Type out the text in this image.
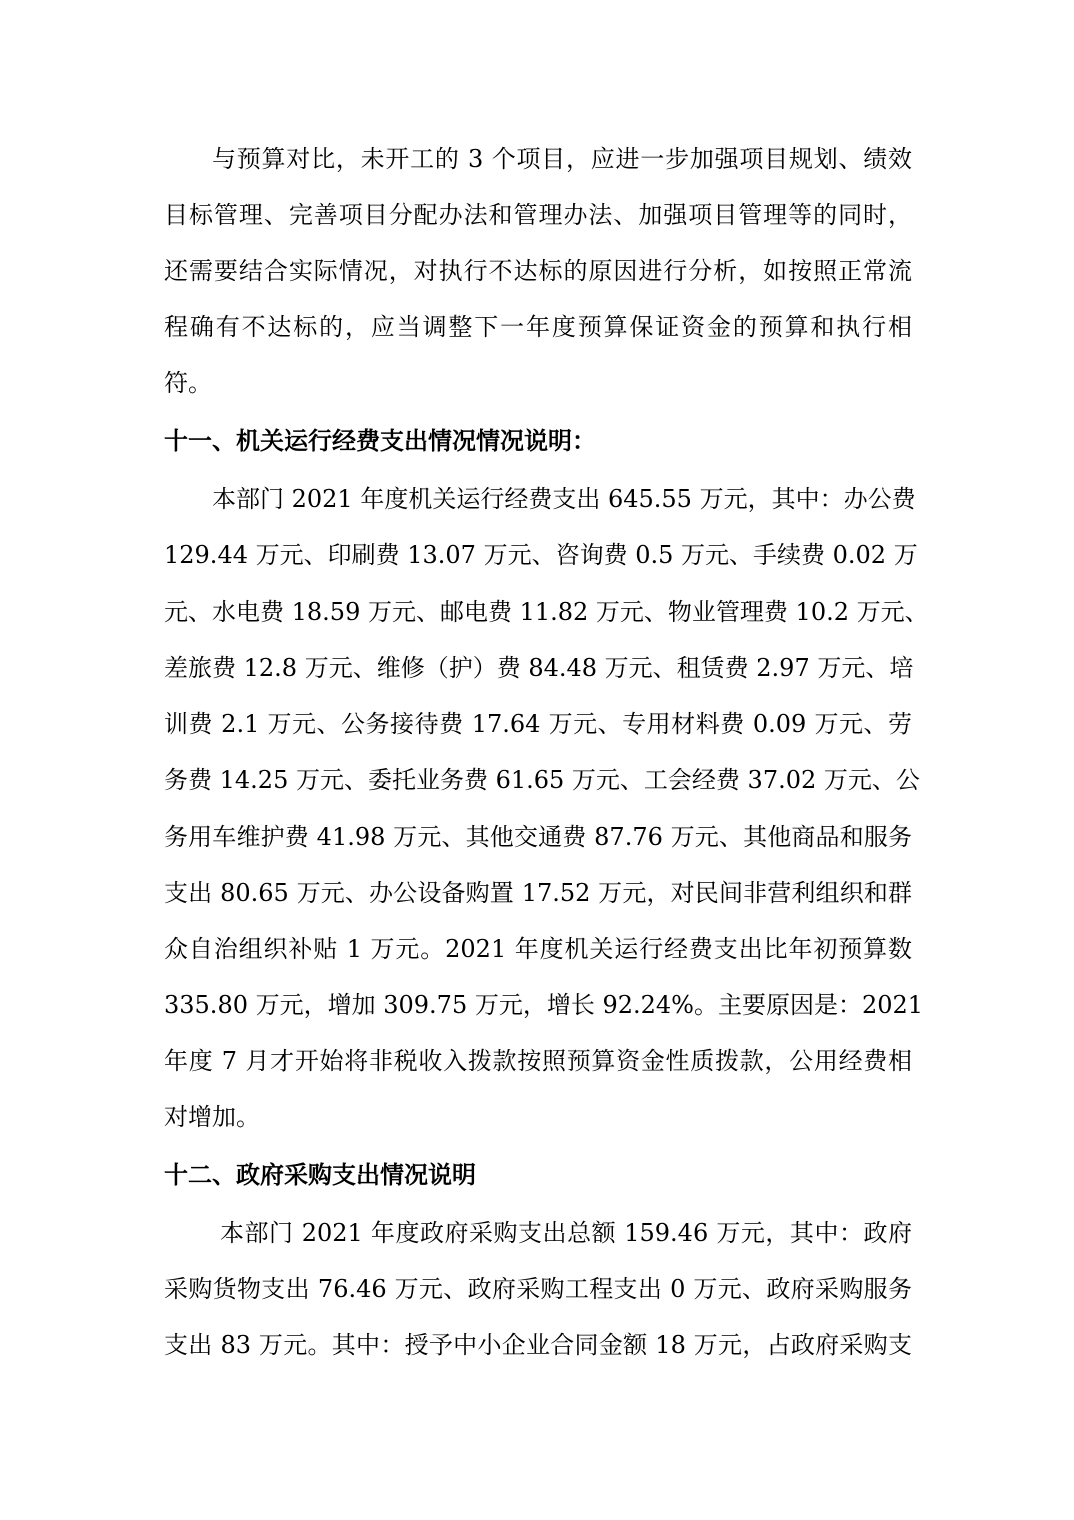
与预算对比，未开工的 3 个项目，应进一步加强项目规划、绩效
目标管理、完善项目分配办法和管理办法、加强项目管理等的同时，
还需要结合实际情况，对执行不达标的原因进行分析，如按照正常流
程确有不达标的，应当调整下一年度预算保证资金的预算和执行相
符。
十一、机关运行经费支出情况情况说明：
本部门 2021 年度机关运行经费支出 645.55 万元，其中：办公费
129.44 万元、印刷费 13.07 万元、咨询费 0.5 万元、手续费 0.02 万
元、水电费 18.59 万元、邮电费 11.82 万元、物业管理费 10.2 万元、
差旅费 12.8 万元、维修（护）费 84.48 万元、租赁费 2.97 万元、培
训费 2.1 万元、公务接待费 17.64 万元、专用材料费 0.09 万元、劳
务费 14.25 万元、委托业务费 61.65 万元、工会经费 37.02 万元、公
务用车维护费 41.98 万元、其他交通费 87.76 万元、其他商品和服务
支出 80.65 万元、办公设备购置 17.52 万元，对民间非营利组织和群
众自治组织补贴 1 万元。2021 年度机关运行经费支出比年初预算数
335.80 万元，增加 309.75 万元，增长 92.24%。主要原因是：2021
年度 7 月才开始将非税收入拨款按照预算资金性质拨款，公用经费相
对增加。
十二、政府采购支出情况说明
本部门 2021 年度政府采购支出总额 159.46 万元，其中：政府
采购货物支出 76.46 万元、政府采购工程支出 0 万元、政府采购服务
支出 83 万元。其中：授予中小企业合同金额 18 万元，占政府采购支
